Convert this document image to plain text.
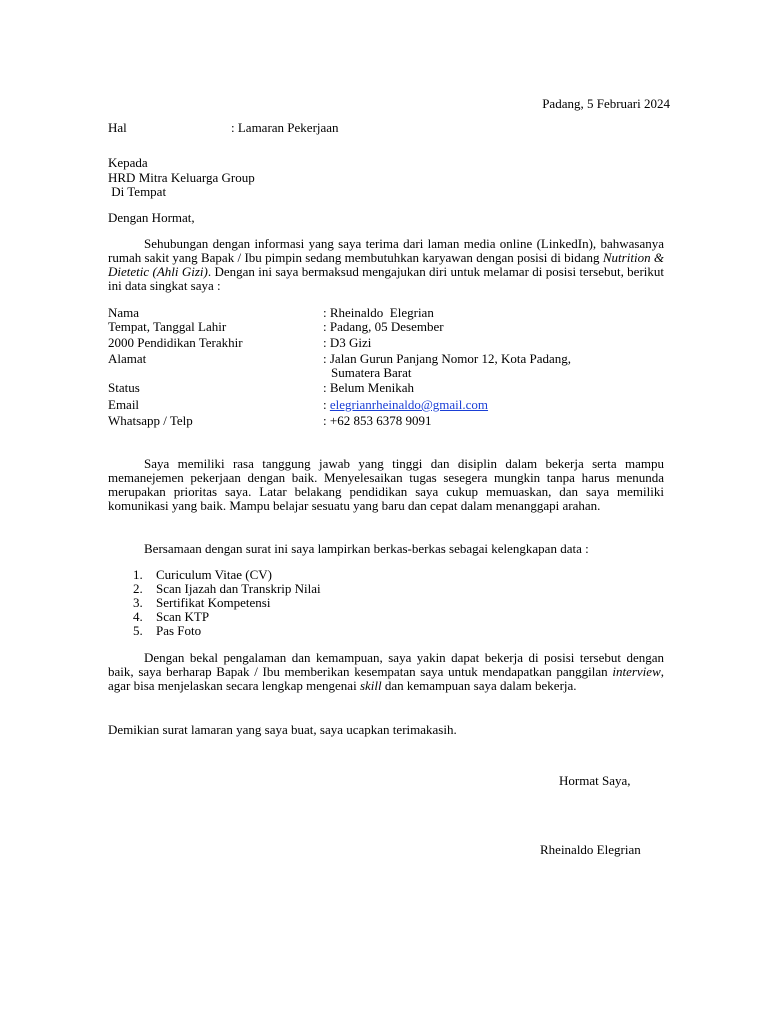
Padang, 5 Februari 2024
Hal	: Lamaran Pekerjaan
Kepada
HRD Mitra Keluarga Group
Di Tempat
Dengan Hormat,
Sehubungan dengan informasi yang saya terima dari laman media online (LinkedIn), bahwasanya rumah sakit yang Bapak / Ibu pimpin sedang membutuhkan karyawan dengan posisi di bidang Nutrition & Dietetic (Ahli Gizi). Dengan ini saya bermaksud mengajukan diri untuk melamar di posisi tersebut, berikut ini data singkat saya :
Nama	: Rheinaldo  Elegrian
Tempat, Tanggal Lahir	: Padang, 05 Desember
2000 Pendidikan Terakhir	: D3 Gizi
Alamat	: Jalan Gurun Panjang Nomor 12, Kota Padang,
Sumatera Barat
Status	: Belum Menikah
Email	: elegrianrheinaldo@gmail.com
Whatsapp / Telp	: +62 853 6378 9091
Saya memiliki rasa tanggung jawab yang tinggi dan disiplin dalam bekerja serta mampu memanejemen pekerjaan dengan baik. Menyelesaikan tugas sesegera mungkin tanpa harus menunda merupakan prioritas saya. Latar belakang pendidikan saya cukup memuaskan, dan saya memiliki komunikasi yang baik. Mampu belajar sesuatu yang baru dan cepat dalam menanggapi arahan.
Bersamaan dengan surat ini saya lampirkan berkas-berkas sebagai kelengkapan data :
1. Curiculum Vitae (CV)
2. Scan Ijazah dan Transkrip Nilai
3. Sertifikat Kompetensi
4. Scan KTP
5. Pas Foto
Dengan bekal pengalaman dan kemampuan, saya yakin dapat bekerja di posisi tersebut dengan baik, saya berharap Bapak / Ibu memberikan kesempatan saya untuk mendapatkan panggilan interview, agar bisa menjelaskan secara lengkap mengenai skill dan kemampuan saya dalam bekerja.
Demikian surat lamaran yang saya buat, saya ucapkan terimakasih.
Hormat Saya,
Rheinaldo Elegrian
